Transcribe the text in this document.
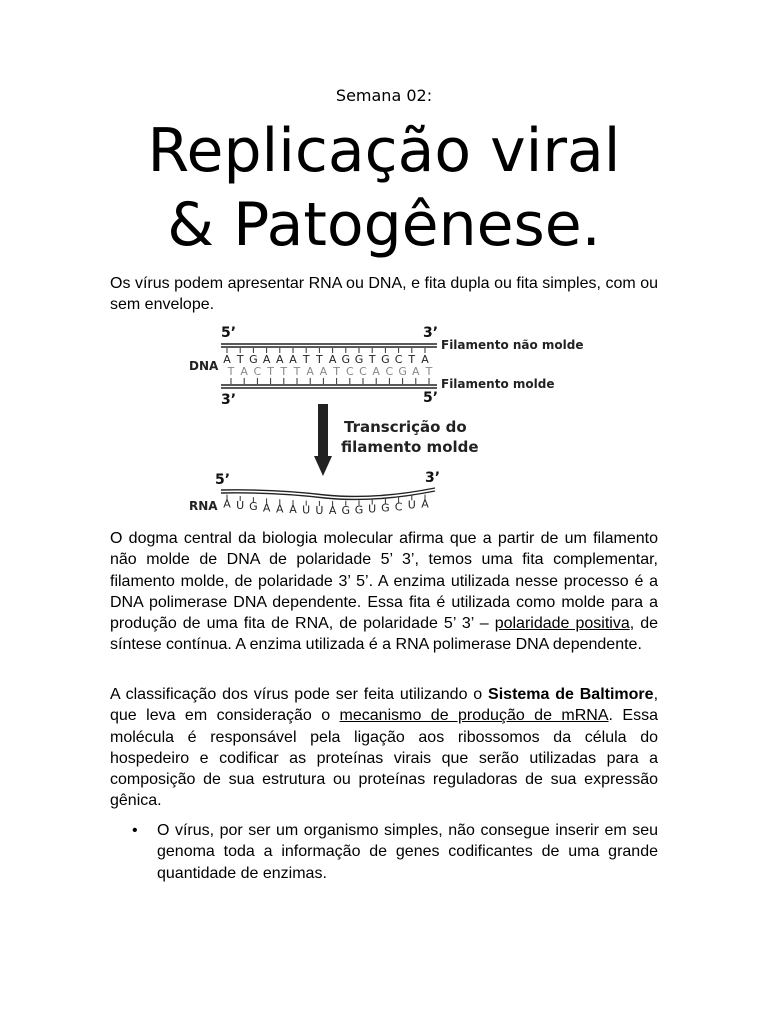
Semana 02:
Replicação viral
& Patogênese.

Os vírus podem apresentar RNA ou DNA, e fita dupla ou fita simples, com ou sem envelope.

A T G A A A T T A G G T G C T A
T A C T T T A A T C C A C G A T
5’	3’
3’	5’
DNA
Filamento não molde
Filamento molde
Transcrição do
filamento molde
5’	3’
A U G A A A U U A G G U G C U A
RNA

O dogma central da biologia molecular afirma que a partir de um filamento não molde de DNA de polaridade 5’ 3’, temos uma fita complementar, filamento molde, de polaridade 3’ 5’. A enzima utilizada nesse processo é a DNA polimerase DNA dependente. Essa fita é utilizada como molde para a produção de uma fita de RNA, de polaridade 5’ 3’ – polaridade positiva, de síntese contínua. A enzima utilizada é a RNA polimerase DNA dependente.

A classificação dos vírus pode ser feita utilizando o Sistema de Baltimore, que leva em consideração o mecanismo de produção de mRNA. Essa molécula é responsável pela ligação aos ribossomos da célula do hospedeiro e codificar as proteínas virais que serão utilizadas para a composição de sua estrutura ou proteínas reguladoras de sua expressão gênica.

• O vírus, por ser um organismo simples, não consegue inserir em seu genoma toda a informação de genes codificantes de uma grande quantidade de enzimas.
